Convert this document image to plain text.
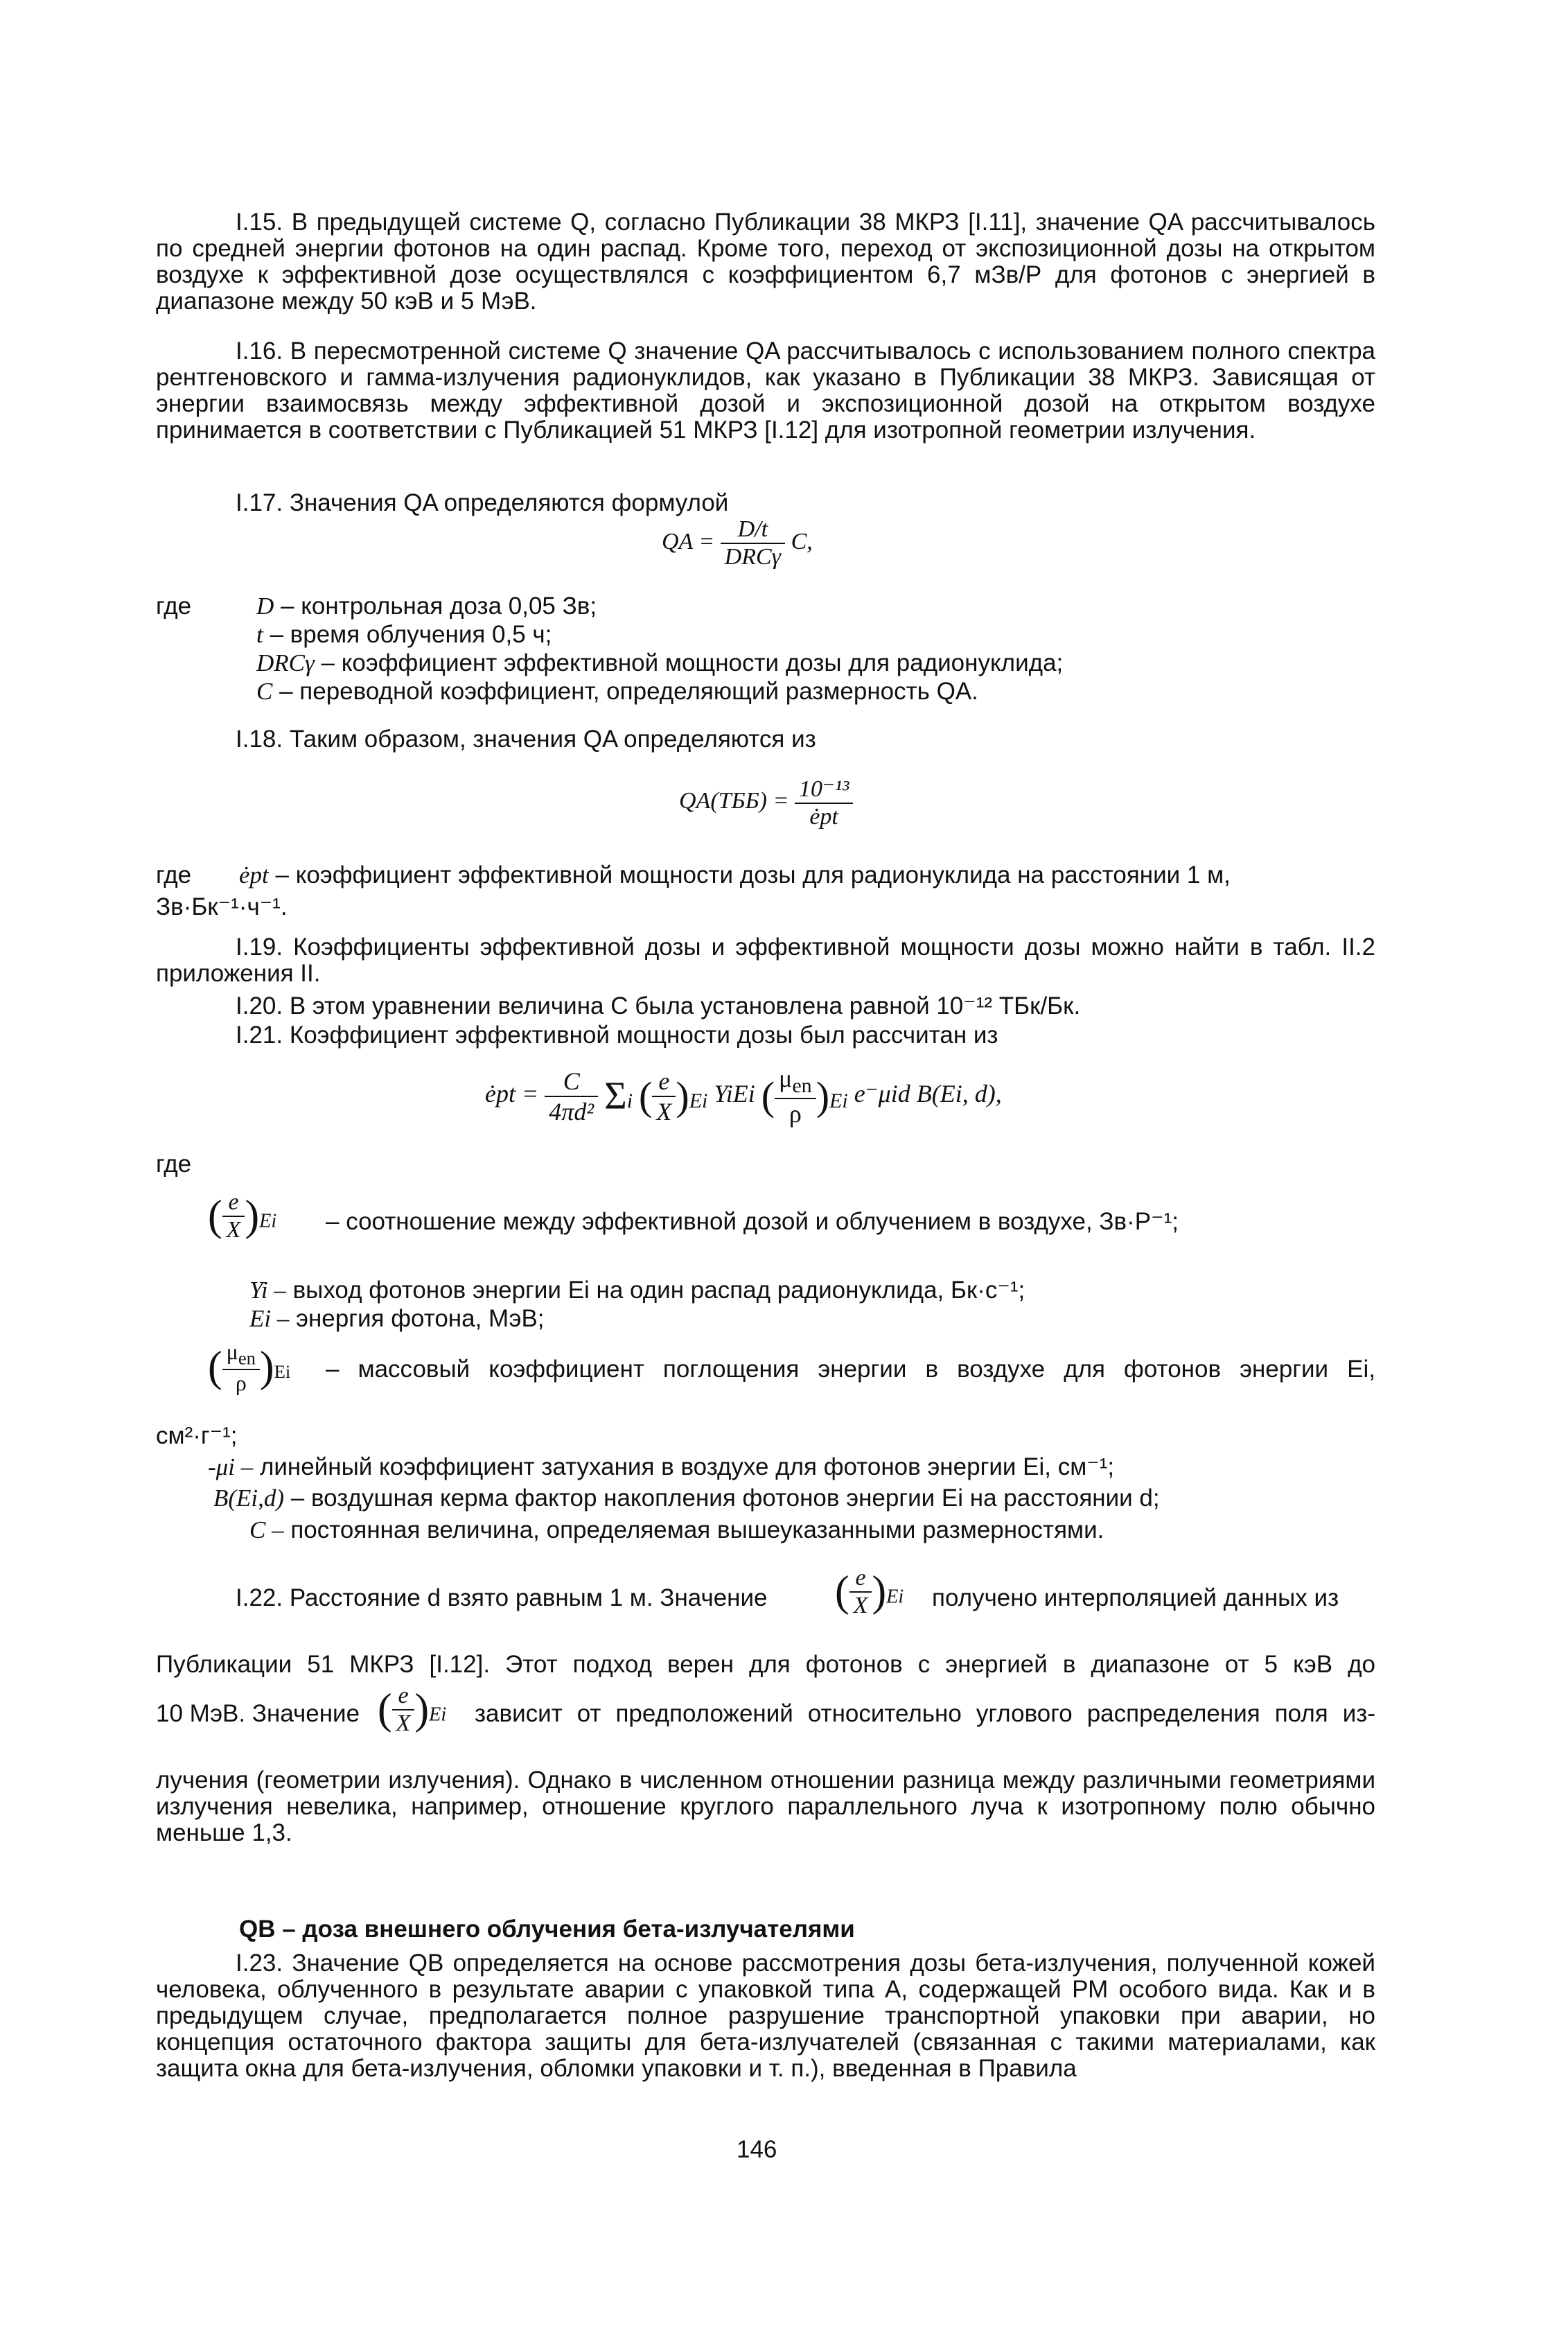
I.15. В предыдущей системе Q, согласно Публикации 38 МКРЗ [I.11], значение QA рассчитывалось по средней энергии фотонов на один распад. Кроме того, переход от экспозиционной дозы на открытом воздухе к эффективной дозе осуществлялся с коэффициентом 6,7 мЗв/Р для фотонов с энергией в диапазоне между 50 кэВ и 5 МэВ.

I.16. В пересмотренной системе Q значение QA рассчитывалось с использованием полного спектра рентгеновского и гамма-излучения радионуклидов, как указано в Публикации 38 МКРЗ. Зависящая от энергии взаимосвязь между эффективной дозой и экспозиционной дозой на открытом воздухе принимается в соответствии с Публикацией 51 МКРЗ [I.12] для изотропной геометрии излучения.

I.17. Значения QA определяются формулой

QA = $\frac{D/t}{\text{DRCγ}} C$,

где	D – контрольная доза 0,05 Зв;

t – время облучения 0,5 ч;

DRCγ – коэффициент эффективной мощности дозы для радионуклида;

C – переводной коэффициент, определяющий размерность QA.

I.18. Таким образом, значения QA определяются из

$QA(ТББ) = \frac{\text{10⁻¹³}}{\text{ėpt}}$

где ėpt – коэффициент эффективной мощности дозы для радионуклида на расстоянии 1 м,

Зв·Бк⁻¹·ч⁻¹.

I.19. Коэффициенты эффективной дозы и эффективной мощности дозы можно найти в табл. II.2 приложения II.

I.20. В этом уравнении величина C была установлена равной 10⁻¹² ТБк/Бк.

I.21. Коэффициент эффективной мощности дозы был рассчитан из

ėpt = $\frac{C}{\text{4πd²}} \Sigma_i$ ( $\frac{e}{X} )_{Ei}$ YiEi ( $\frac{\mu_{en}}{\rho} )_{Ei}$ e⁻μid B(Ei, d),

где

( $\frac{e}{X} )_{Ei}$ – соотношение между эффективной дозой и облучением в воздухе, Зв·Р⁻¹;

Yi – выход фотонов энергии Ei на один распад радионуклида, Бк·с⁻¹;

Ei – энергия фотона, МэВ;

( $\frac{\mu_{en}}{\rho} )_{Ei}$ – массовый коэффициент поглощения энергии в воздухе для фотонов энергии Ei,

см²·г⁻¹;

-μi – линейный коэффициент затухания в воздухе для фотонов энергии Ei, см⁻¹;

B(Ei,d) – воздушная керма фактор накопления фотонов энергии Ei на расстоянии d;

C – постоянная величина, определяемая вышеуказанными размерностями.

I.22. Расстояние d взято равным 1 м. Значение ( $\frac{e}{X} )_{Ei}$ получено интерполяцией данных из

Публикации 51 МКРЗ [I.12]. Этот подход верен для фотонов с энергией в диапазоне от 5 кэВ до

10 МэВ. Значение ( $\frac{e}{X} )_{Ei}$ зависит от предположений относительно углового распределения поля из-

лучения (геометрии излучения). Однако в численном отношении разница между различными геометриями излучения невелика, например, отношение круглого параллельного луча к изотропному полю обычно меньше 1,3.

QB – доза внешнего облучения бета-излучателями

I.23. Значение QB определяется на основе рассмотрения дозы бета-излучения, полученной кожей человека, облученного в результате аварии с упаковкой типа А, содержащей РМ особого вида. Как и в предыдущем случае, предполагается полное разрушение транспортной упаковки при аварии, но концепция остаточного фактора защиты для бета-излучателей (связанная с такими материалами, как защита окна для бета-излучения, обломки упаковки и т. п.), введенная в Правила

146
